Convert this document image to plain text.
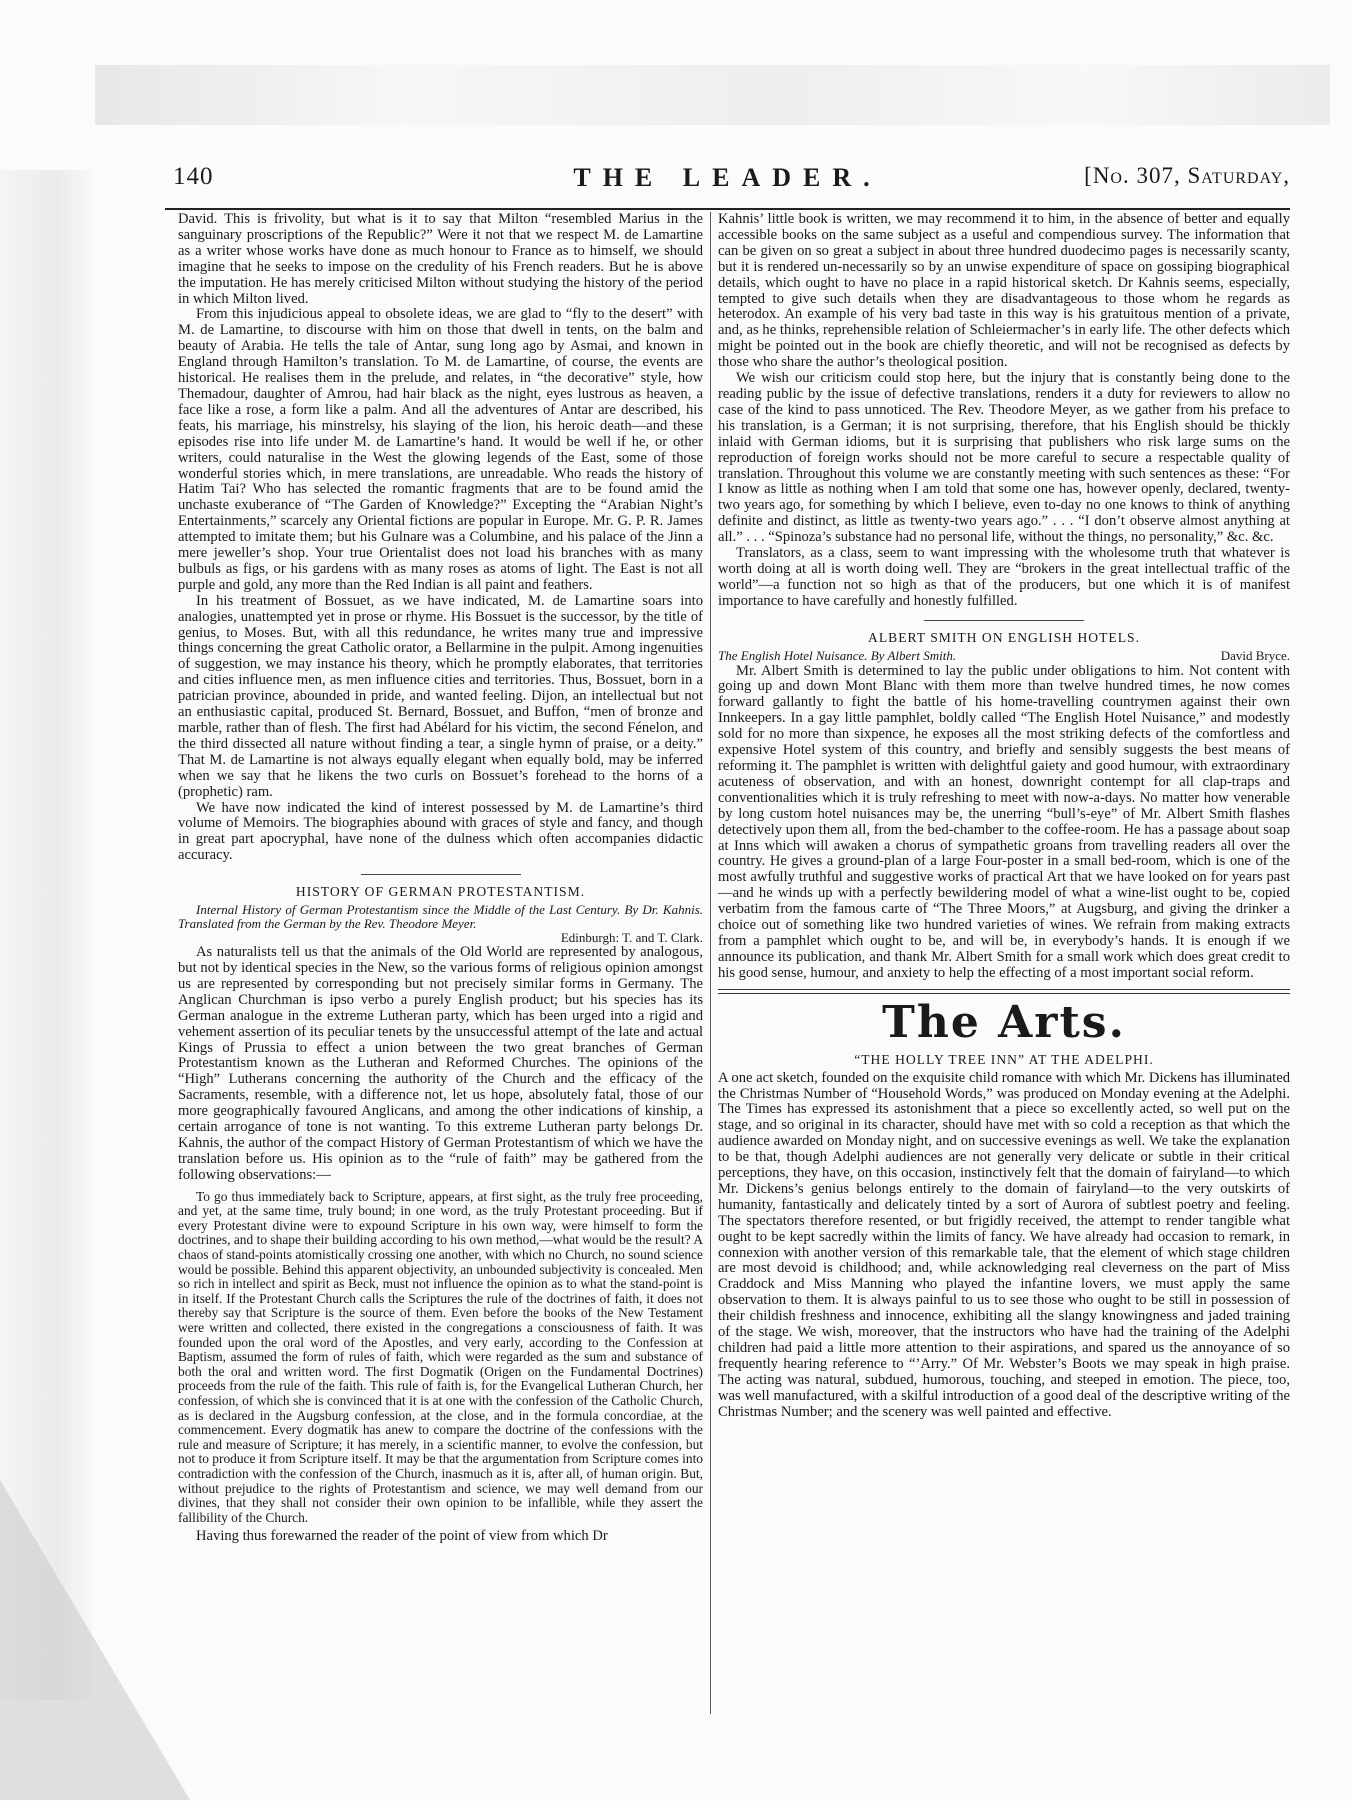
140	THE LEADER.	[No. 307, Saturday,

David. This is frivolity, but what is it to say that Milton “resembled Marius in the sanguinary proscriptions of the Republic?” Were it not that we respect M. de Lamartine as a writer whose works have done as much honour to France as to himself, we should imagine that he seeks to impose on the credulity of his French readers. But he is above the imputation. He has merely criticised Milton without studying the history of the period in which Milton lived.

From this injudicious appeal to obsolete ideas, we are glad to “fly to the desert” with M. de Lamartine, to discourse with him on those that dwell in tents, on the balm and beauty of Arabia. He tells the tale of Antar, sung long ago by Asmai, and known in England through Hamilton’s translation. To M. de Lamartine, of course, the events are historical. He realises them in the prelude, and relates, in “the decorative” style, how Themadour, daughter of Amrou, had hair black as the night, eyes lustrous as heaven, a face like a rose, a form like a palm. And all the adventures of Antar are described, his feats, his marriage, his minstrelsy, his slaying of the lion, his heroic death—and these episodes rise into life under M. de Lamartine’s hand. It would be well if he, or other writers, could naturalise in the West the glowing legends of the East, some of those wonderful stories which, in mere translations, are unreadable. Who reads the history of Hatim Tai? Who has selected the romantic fragments that are to be found amid the unchaste exuberance of “The Garden of Knowledge?” Excepting the “Arabian Night’s Entertainments,” scarcely any Oriental fictions are popular in Europe. Mr. G. P. R. James attempted to imitate them; but his Gulnare was a Columbine, and his palace of the Jinn a mere jeweller’s shop. Your true Orientalist does not load his branches with as many bulbuls as figs, or his gardens with as many roses as atoms of light. The East is not all purple and gold, any more than the Red Indian is all paint and feathers.

In his treatment of Bossuet, as we have indicated, M. de Lamartine soars into analogies, unattempted yet in prose or rhyme. His Bossuet is the successor, by the title of genius, to Moses. But, with all this redundance, he writes many true and impressive things concerning the great Catholic orator, a Bellarmine in the pulpit. Among ingenuities of suggestion, we may instance his theory, which he promptly elaborates, that territories and cities influence men, as men influence cities and territories. Thus, Bossuet, born in a patrician province, abounded in pride, and wanted feeling. Dijon, an intellectual but not an enthusiastic capital, produced St. Bernard, Bossuet, and Buffon, “men of bronze and marble, rather than of flesh. The first had Abélard for his victim, the second Fénelon, and the third dissected all nature without finding a tear, a single hymn of praise, or a deity.” That M. de Lamartine is not always equally elegant when equally bold, may be inferred when we say that he likens the two curls on Bossuet’s forehead to the horns of a (prophetic) ram.

We have now indicated the kind of interest possessed by M. de Lamartine’s third volume of Memoirs. The biographies abound with graces of style and fancy, and though in great part apocryphal, have none of the dulness which often accompanies didactic accuracy.

HISTORY OF GERMAN PROTESTANTISM.

Internal History of German Protestantism since the Middle of the Last Century. By Dr. Kahnis. Translated from the German by the Rev. Theodore Meyer.

Edinburgh: T. and T. Clark.

As naturalists tell us that the animals of the Old World are represented by analogous, but not by identical species in the New, so the various forms of religious opinion amongst us are represented by corresponding but not precisely similar forms in Germany. The Anglican Churchman is ipso verbo a purely English product; but his species has its German analogue in the extreme Lutheran party, which has been urged into a rigid and vehement assertion of its peculiar tenets by the unsuccessful attempt of the late and actual Kings of Prussia to effect a union between the two great branches of German Protestantism known as the Lutheran and Reformed Churches. The opinions of the “High” Lutherans concerning the authority of the Church and the efficacy of the Sacraments, resemble, with a difference not, let us hope, absolutely fatal, those of our more geographically favoured Anglicans, and among the other indications of kinship, a certain arrogance of tone is not wanting. To this extreme Lutheran party belongs Dr. Kahnis, the author of the compact History of German Protestantism of which we have the translation before us. His opinion as to the “rule of faith” may be gathered from the following observations:—

To go thus immediately back to Scripture, appears, at first sight, as the truly free proceeding, and yet, at the same time, truly bound; in one word, as the truly Protestant proceeding. But if every Protestant divine were to expound Scripture in his own way, were himself to form the doctrines, and to shape their building according to his own method,—what would be the result? A chaos of stand-points atomistically crossing one another, with which no Church, no sound science would be possible. Behind this apparent objectivity, an unbounded subjectivity is concealed. Men so rich in intellect and spirit as Beck, must not influence the opinion as to what the stand-point is in itself. If the Protestant Church calls the Scriptures the rule of the doctrines of faith, it does not thereby say that Scripture is the source of them. Even before the books of the New Testament were written and collected, there existed in the congregations a consciousness of faith. It was founded upon the oral word of the Apostles, and very early, according to the Confession at Baptism, assumed the form of rules of faith, which were regarded as the sum and substance of both the oral and written word. The first Dogmatik (Origen on the Fundamental Doctrines) proceeds from the rule of the faith. This rule of faith is, for the Evangelical Lutheran Church, her confession, of which she is convinced that it is at one with the confession of the Catholic Church, as is declared in the Augsburg confession, at the close, and in the formula concordiae, at the commencement. Every dogmatik has anew to compare the doctrine of the confessions with the rule and measure of Scripture; it has merely, in a scientific manner, to evolve the confession, but not to produce it from Scripture itself. It may be that the argumentation from Scripture comes into contradiction with the confession of the Church, inasmuch as it is, after all, of human origin. But, without prejudice to the rights of Protestantism and science, we may well demand from our divines, that they shall not consider their own opinion to be infallible, while they assert the fallibility of the Church.

Having thus forewarned the reader of the point of view from which Dr

Kahnis’ little book is written, we may recommend it to him, in the absence of better and equally accessible books on the same subject as a useful and compendious survey. The information that can be given on so great a subject in about three hundred duodecimo pages is necessarily scanty, but it is rendered un-necessarily so by an unwise expenditure of space on gossiping biographical details, which ought to have no place in a rapid historical sketch. Dr Kahnis seems, especially, tempted to give such details when they are disadvantageous to those whom he regards as heterodox. An example of his very bad taste in this way is his gratuitous mention of a private, and, as he thinks, reprehensible relation of Schleiermacher’s in early life. The other defects which might be pointed out in the book are chiefly theoretic, and will not be recognised as defects by those who share the author’s theological position.

We wish our criticism could stop here, but the injury that is constantly being done to the reading public by the issue of defective translations, renders it a duty for reviewers to allow no case of the kind to pass unnoticed. The Rev. Theodore Meyer, as we gather from his preface to his translation, is a German; it is not surprising, therefore, that his English should be thickly inlaid with German idioms, but it is surprising that publishers who risk large sums on the reproduction of foreign works should not be more careful to secure a respectable quality of translation. Throughout this volume we are constantly meeting with such sentences as these: “For I know as little as nothing when I am told that some one has, however openly, declared, twenty-two years ago, for something by which I believe, even to-day no one knows to think of anything definite and distinct, as little as twenty-two years ago.” . . . “I don’t observe almost anything at all.” . . . “Spinoza’s substance had no personal life, without the things, no personality,” &c. &c.

Translators, as a class, seem to want impressing with the wholesome truth that whatever is worth doing at all is worth doing well. They are “brokers in the great intellectual traffic of the world”—a function not so high as that of the producers, but one which it is of manifest importance to have carefully and honestly fulfilled.

ALBERT SMITH ON ENGLISH HOTELS.
The English Hotel Nuisance. By Albert Smith.	David Bryce.

Mr. Albert Smith is determined to lay the public under obligations to him. Not content with going up and down Mont Blanc with them more than twelve hundred times, he now comes forward gallantly to fight the battle of his home-travelling countrymen against their own Innkeepers. In a gay little pamphlet, boldly called “The English Hotel Nuisance,” and modestly sold for no more than sixpence, he exposes all the most striking defects of the comfortless and expensive Hotel system of this country, and briefly and sensibly suggests the best means of reforming it. The pamphlet is written with delightful gaiety and good humour, with extraordinary acuteness of observation, and with an honest, downright contempt for all clap-traps and conventionalities which it is truly refreshing to meet with now-a-days. No matter how venerable by long custom hotel nuisances may be, the unerring “bull’s-eye” of Mr. Albert Smith flashes detectively upon them all, from the bed-chamber to the coffee-room. He has a passage about soap at Inns which will awaken a chorus of sympathetic groans from travelling readers all over the country. He gives a ground-plan of a large Four-poster in a small bed-room, which is one of the most awfully truthful and suggestive works of practical Art that we have looked on for years past—and he winds up with a perfectly bewildering model of what a wine-list ought to be, copied verbatim from the famous carte of “The Three Moors,” at Augsburg, and giving the drinker a choice out of something like two hundred varieties of wines. We refrain from making extracts from a pamphlet which ought to be, and will be, in everybody’s hands. It is enough if we announce its publication, and thank Mr. Albert Smith for a small work which does great credit to his good sense, humour, and anxiety to help the effecting of a most important social reform.

The Arts.
“THE HOLLY TREE INN” AT THE ADELPHI.

A one act sketch, founded on the exquisite child romance with which Mr. Dickens has illuminated the Christmas Number of “Household Words,” was produced on Monday evening at the Adelphi. The Times has expressed its astonishment that a piece so excellently acted, so well put on the stage, and so original in its character, should have met with so cold a reception as that which the audience awarded on Monday night, and on successive evenings as well. We take the explanation to be that, though Adelphi audiences are not generally very delicate or subtle in their critical perceptions, they have, on this occasion, instinctively felt that the domain of fairyland—to which Mr. Dickens’s genius belongs entirely to the domain of fairyland—to the very outskirts of humanity, fantastically and delicately tinted by a sort of Aurora of subtlest poetry and feeling. The spectators therefore resented, or but frigidly received, the attempt to render tangible what ought to be kept sacredly within the limits of fancy. We have already had occasion to remark, in connexion with another version of this remarkable tale, that the element of which stage children are most devoid is childhood; and, while acknowledging real cleverness on the part of Miss Craddock and Miss Manning who played the infantine lovers, we must apply the same observation to them. It is always painful to us to see those who ought to be still in possession of their childish freshness and innocence, exhibiting all the slangy knowingness and jaded training of the stage. We wish, moreover, that the instructors who have had the training of the Adelphi children had paid a little more attention to their aspirations, and spared us the annoyance of so frequently hearing reference to “’Arry.” Of Mr. Webster’s Boots we may speak in high praise. The acting was natural, subdued, humorous, touching, and steeped in emotion. The piece, too, was well manufactured, with a skilful introduction of a good deal of the descriptive writing of the Christmas Number; and the scenery was well painted and effective.
